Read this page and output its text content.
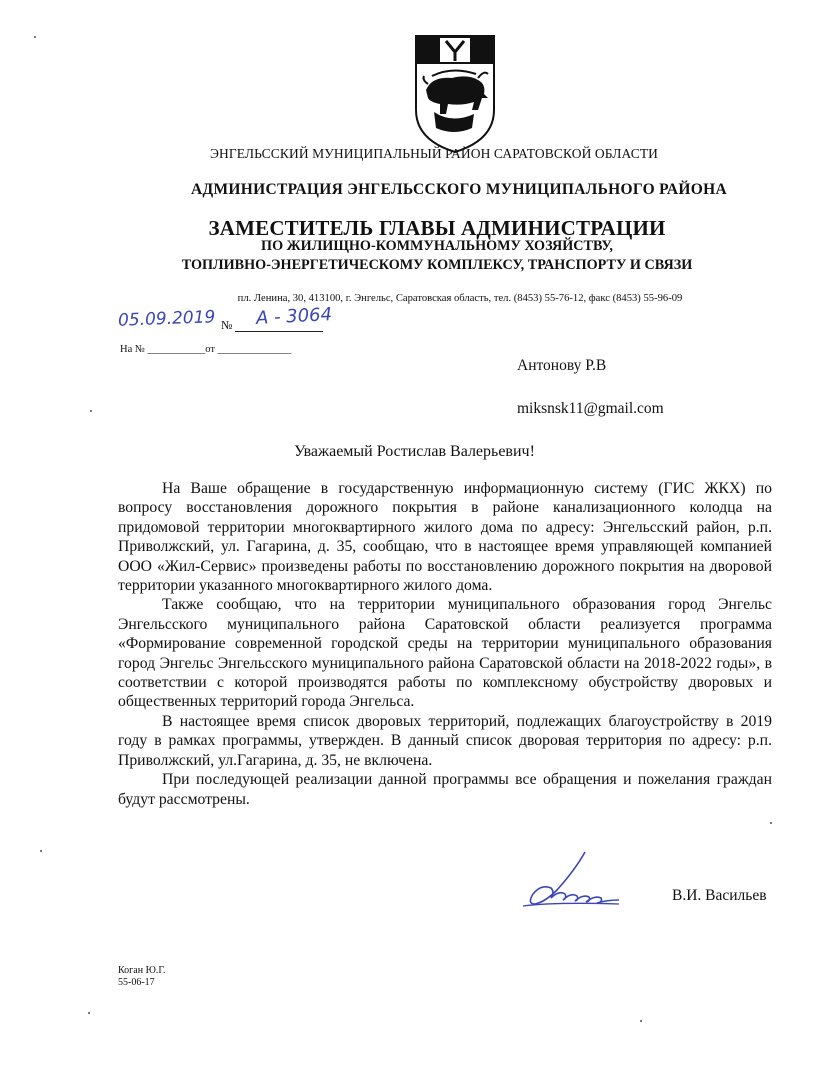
ЭНГЕЛЬССКИЙ МУНИЦИПАЛЬНЫЙ РАЙОН САРАТОВСКОЙ ОБЛАСТИ
АДМИНИСТРАЦИЯ ЭНГЕЛЬССКОГО МУНИЦИПАЛЬНОГО РАЙОНА
ЗАМЕСТИТЕЛЬ ГЛАВЫ АДМИНИСТРАЦИИ
ПО ЖИЛИЩНО-КОММУНАЛЬНОМУ ХОЗЯЙСТВУ,
ТОПЛИВНО-ЭНЕРГЕТИЧЕСКОМУ КОМПЛЕКСУ, ТРАНСПОРТУ И СВЯЗИ
пл. Ленина, 30, 413100, г. Энгельс, Саратовская область, тел. (8453) 55-76-12, факс (8453) 55-96-09
05.09.2019 № А - 3064
На № ___________от ______________
Антонову Р.В
miksnsk11@gmail.com
Уважаемый Ростислав Валерьевич!

На Ваше обращение в государственную информационную систему (ГИС ЖКХ) по вопросу восстановления дорожного покрытия в районе канализационного колодца на придомовой территории многоквартирного жилого дома по адресу: Энгельсский район, р.п. Приволжский, ул. Гагарина, д. 35, сообщаю, что в настоящее время управляющей компанией ООО «Жил-Сервис» произведены работы по восстановлению дорожного покрытия на дворовой территории указанного многоквартирного жилого дома.

Также сообщаю, что на территории муниципального образования город Энгельс Энгельсского муниципального района Саратовской области реализуется программа «Формирование современной городской среды на территории муниципального образования город Энгельс Энгельсского муниципального района Саратовской области на 2018-2022 годы», в соответствии с которой производятся работы по комплексному обустройству дворовых и общественных территорий города Энгельса.

В настоящее время список дворовых территорий, подлежащих благоустройству в 2019 году в рамках программы, утвержден. В данный список дворовая территория по адресу: р.п. Приволжский, ул.Гагарина, д. 35, не включена.

При последующей реализации данной программы все обращения и пожелания граждан будут рассмотрены.

В.И. Васильев
Коган Ю.Г.
55-06-17
